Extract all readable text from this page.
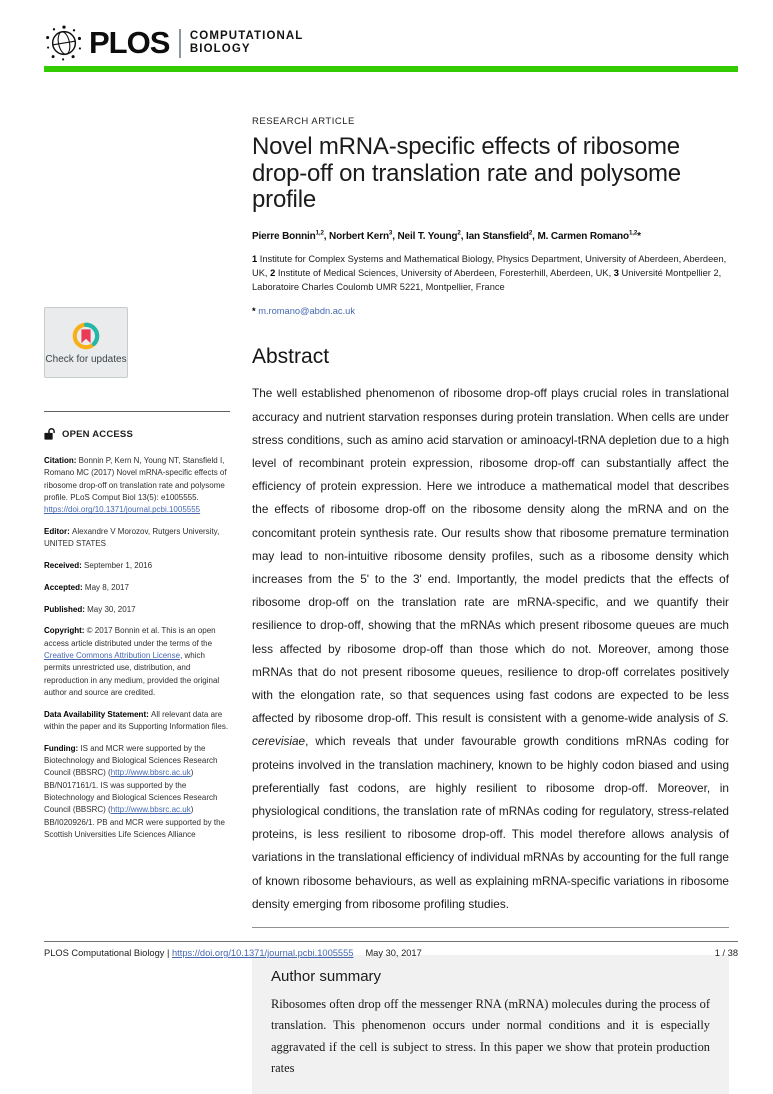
PLOS COMPUTATIONAL
BIOLOGY
Check for updates
OPEN ACCESS

Citation: Bonnin P, Kern N, Young NT, Stansfield I, Romano MC (2017) Novel mRNA-specific effects of ribosome drop-off on translation rate and polysome profile. PLoS Comput Biol 13(5): e1005555. https://doi.org/10.1371/journal.pcbi.1005555

Editor: Alexandre V Morozov, Rutgers University, UNITED STATES

Received: September 1, 2016

Accepted: May 8, 2017

Published: May 30, 2017

Copyright: © 2017 Bonnin et al. This is an open access article distributed under the terms of the Creative Commons Attribution License, which permits unrestricted use, distribution, and reproduction in any medium, provided the original author and source are credited.

Data Availability Statement: All relevant data are within the paper and its Supporting Information files.

Funding: IS and MCR were supported by the Biotechnology and Biological Sciences Research Council (BBSRC) (http://www.bbsrc.ac.uk) BB/N017161/1. IS was supported by the Biotechnology and Biological Sciences Research Council (BBSRC) (http://www.bbsrc.ac.uk) BB/I020926/1. PB and MCR were supported by the Scottish Universities Life Sciences Alliance

RESEARCH ARTICLE
Novel mRNA-specific effects of ribosome drop-off on translation rate and polysome profile
Pierre Bonnin$^{1,2}$, Norbert Kern$^3$, Neil T. Young$^2$, Ian Stansfield$^2$, M. Carmen Romano$^{1,2}$*
1 Institute for Complex Systems and Mathematical Biology, Physics Department, University of Aberdeen, Aberdeen, UK, 2 Institute of Medical Sciences, University of Aberdeen, Foresterhill, Aberdeen, UK, 3 Université Montpellier 2, Laboratoire Charles Coulomb UMR 5221, Montpellier, France
* m.romano@abdn.ac.uk
Abstract

The well established phenomenon of ribosome drop-off plays crucial roles in translational accuracy and nutrient starvation responses during protein translation. When cells are under stress conditions, such as amino acid starvation or aminoacyl-tRNA depletion due to a high level of recombinant protein expression, ribosome drop-off can substantially affect the efficiency of protein expression. Here we introduce a mathematical model that describes the effects of ribosome drop-off on the ribosome density along the mRNA and on the concomitant protein synthesis rate. Our results show that ribosome premature termination may lead to non-intuitive ribosome density profiles, such as a ribosome density which increases from the 5' to the 3' end. Importantly, the model predicts that the effects of ribosome drop-off on the translation rate are mRNA-specific, and we quantify their resilience to drop-off, showing that the mRNAs which present ribosome queues are much less affected by ribosome drop-off than those which do not. Moreover, among those mRNAs that do not present ribosome queues, resilience to drop-off correlates positively with the elongation rate, so that sequences using fast codons are expected to be less affected by ribosome drop-off. This result is consistent with a genome-wide analysis of S. cerevisiae, which reveals that under favourable growth conditions mRNAs coding for proteins involved in the translation machinery, known to be highly codon biased and using preferentially fast codons, are highly resilient to ribosome drop-off. Moreover, in physiological conditions, the translation rate of mRNAs coding for regulatory, stress-related proteins, is less resilient to ribosome drop-off. This model therefore allows analysis of variations in the translational efficiency of individual mRNAs by accounting for the full range of known ribosome behaviours, as well as explaining mRNA-specific variations in ribosome density emerging from ribosome profiling studies.

Author summary

Ribosomes often drop off the messenger RNA (mRNA) molecules during the process of translation. This phenomenon occurs under normal conditions and it is especially aggravated if the cell is subject to stress. In this paper we show that protein production rates

PLOS Computational Biology | https://doi.org/10.1371/journal.pcbi.1005555 May 30, 2017	1 / 38
